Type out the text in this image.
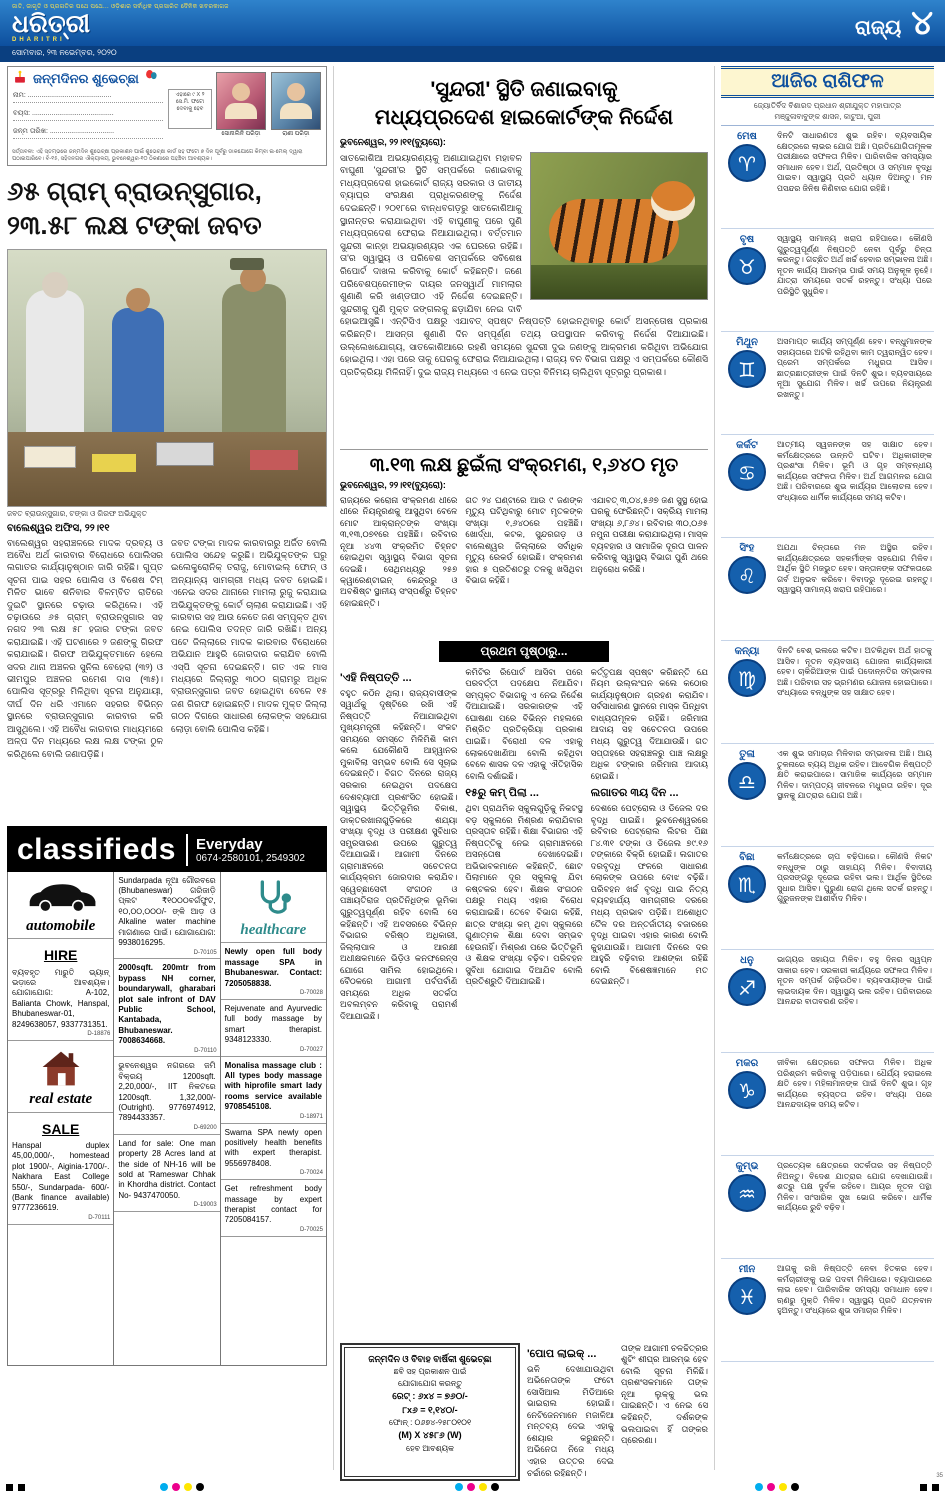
ଜାତି, ଜାଗୃତି ଓ ପ୍ରଗତିର ପଥେ ପଥେ... ଓଡ଼ିଶାର ସର୍ବାଧିକ ପ୍ରସାରିତ ଦୈନିକ ଖବରକାଗଜ
ଧରିତ୍ରୀ
DHARITRI
ରାଜ୍ୟ ୪
ସୋମବାର, ୨୩ ନଭେମ୍ବର, ୨୦୨୦
ଜନ୍ମଦିନର ଶୁଭେଚ୍ଛା
ନାମ: ...........................................
ବୟସ: ..........................................
ଜନ୍ମ ତାରିଖ: .................................
ଏହାରେ ୯ X ୨ ସେ.ମି. ଫଟୋ ଦେବାକୁ ହେବ
ସୋନାଲିନି ପରିଡ଼ା	ରାଣୀ ପରିଡ଼ା
ସର୍ତ୍ତାବଳୀ: ଏହି ସ୍ତମ୍ଭରେ ଜନ୍ମଦିନ ଶୁଭେଚ୍ଛା ପ୍ରକାଶନ ପାଇଁ ଶୁଭେଚ୍ଛା କାର୍ଡ ସହ ଫଟୋ ୭ ଦିନ ପୂର୍ବରୁ ଡାକଯୋଗେ କିମ୍ବା ଇ-ମେଲ୍ ଦ୍ୱାରା ପଠାଇପାରିବେ। ବି-୧୫, ସହିଦନଗର ଐକ୍ୟାଳୟ, ଭୁବନେଶ୍ୱର-୧୦ ଠିକଣାରେ ପହଞ୍ଚିବା ଆବଶ୍ୟକ।
୬୫ ଗ୍ରାମ୍ ବ୍ରାଉନ୍‌ସୁଗାର,
୨୩.୫୮ ଲକ୍ଷ ଟଙ୍କା ଜବତ
ଜବତ ବ୍ରାଉନ୍‌ସୁଗାର, ଟଙ୍କା ଓ ଗିରଫ ଅଭିଯୁକ୍ତ
ବାଲେଶ୍ୱର ଅଫିସ, ୨୨।୧୧
ବାଲେଶ୍ୱର ସହରାଞ୍ଚଳରେ ମାଦକ ଦ୍ରବ୍ୟ ଓ ଅବୈଧ ଅର୍ଥ କାରବାର ବିରୋଧରେ ପୋଲିସର ଲଗାତର କାର୍ଯ୍ୟାନୁଷ୍ଠାନ ଜାରି ରହିଛି। ଗୁପ୍ତ ସୂଚନା ପାଇ ସହର ପୋଲିସ ଓ ବିଶେଷ ଟିମ୍ ମିଳିତ ଭାବେ ଶନିବାର ବିଳମ୍ବିତ ରାତିରେ ଦୁଇଟି ସ୍ଥାନରେ ଚଢ଼ାଉ କରିଥିଲେ। ଏହି ଚଢ଼ାଉରେ ୬୫ ଗ୍ରାମ୍ ବ୍ରାଉନ୍‌ସୁଗାର ସହ ନଗଦ ୨୩ ଲକ୍ଷ ୫୮ ହଜାର ଟଙ୍କା ଜବତ କରାଯାଇଛି। ଏହି ଘଟଣାରେ ୨ ଜଣଙ୍କୁ ଗିରଫ କରାଯାଇଛି। ଗିରଫ ଅଭିଯୁକ୍ତମାନେ ହେଲେ ସଦର ଥାନା ଅଞ୍ଚଳର ସୁନିଲ ବେହେରା (୩୨) ଓ ଭୀମପୁର ଅଞ୍ଚଳର ରମେଶ ଦାସ (୩୫)। ପୋଲିସ ସୂତ୍ରରୁ ମିଳିଥିବା ସୂଚନା ଅନୁଯାୟୀ, ଦୀର୍ଘ ଦିନ ଧରି ଏମାନେ ସହରର ବିଭିନ୍ନ ସ୍ଥାନରେ ବ୍ରାଉନ୍‌ସୁଗାର କାରବାର କରି ଆସୁଥିଲେ। ଏହି ଅବୈଧ କାରବାର ମାଧ୍ୟମରେ ଅଳ୍ପ ଦିନ ମଧ୍ୟରେ ଲକ୍ଷ ଲକ୍ଷ ଟଙ୍କା ଠୁଳ କରିଥିଲେ ବୋଲି ଜଣାପଡ଼ିଛି।
ଜବତ ଟଙ୍କା ମାଦକ କାରବାରରୁ ଅର୍ଜିତ ବୋଲି ପୋଲିସ ସନ୍ଦେହ କରୁଛି। ଅଭିଯୁକ୍ତଙ୍କ ଘରୁ ଇଲେକ୍ଟ୍ରୋନିକ୍ ତରାଜୁ, ମୋବାଇଲ୍ ଫୋନ୍ ଓ ଅନ୍ୟାନ୍ୟ ସାମଗ୍ରୀ ମଧ୍ୟ ଜବତ ହୋଇଛି। ଏନେଇ ସଦର ଥାନାରେ ମାମଲା ରୁଜୁ କରାଯାଇ ଅଭିଯୁକ୍ତଙ୍କୁ କୋର୍ଟ ଚାଲାଣ କରାଯାଇଛି। ଏହି କାରବାର ସହ ଆଉ କେତେ ଜଣ ସମ୍ପୃକ୍ତ ଥିବା ନେଇ ପୋଲିସ ତଦନ୍ତ ଜାରି ରଖିଛି। ଅନ୍ୟ ପଟେ ଜିଲ୍ଲାରେ ମାଦକ କାରବାର ବିରୋଧରେ ଅଭିଯାନ ଆହୁରି ଜୋରଦାର କରାଯିବ ବୋଲି ଏସ୍‌ପି ସୂଚନା ଦେଇଛନ୍ତି। ଗତ ଏକ ମାସ ମଧ୍ୟରେ ଜିଲ୍ଲାରୁ ୩୦୦ ଗ୍ରାମରୁ ଅଧିକ ବ୍ରାଉନ୍‌ସୁଗାର ଜବତ ହୋଇଥିବା ବେଳେ ୧୫ ଜଣ ଗିରଫ ହୋଇଛନ୍ତି। ମାଦକ ମୁକ୍ତ ଜିଲ୍ଲା ଗଠନ ଦିଗରେ ସାଧାରଣ ଲୋକଙ୍କ ସହଯୋଗ ଲୋଡ଼ା ବୋଲି ପୋଲିସ କହିଛି।
classifieds	Everyday
0674-2580101, 2549302
automobile
HIRE
ବ୍ୟବହୃତ ମାରୁତି ଭ୍ୟାନ୍ ଭଡ଼ାରେ ଆବଶ୍ୟକ। ଯୋଗାଯୋଗ: A-102, Balianta Chowk, Hanspal, Bhubaneswar-01, 8249638057, 9337731351.
D-18876
real estate
SALE
Hanspal duplex 45,00,000/-, homestead plot 1900/-, Aiginia-1700/-. Nakhara East College 550/-, Sundarpada- 600/- (Bank finance available) 9777236619.
D-70111
Sundarpada ନୂଆ ଗୌରବରେ (Bhubaneswar) ଗରିଜାଡ଼ି ପ୍ଲଟ ₹୧୦୦୦ବର୍ଗଫୁଟ, ୧୦,୦୦,୦୦୦/- ଙ୍କି ଆଡ଼ ଓ Alkaline water machine ମାଗଣାରେ ପାଇଁ। ଯୋଗାଯୋଗ: 9938016295.
D-70105
2000sqft. 200mtr from bypass NH corner, boundarywall, gharabari plot sale infront of DAV Public School, Kantabada, Bhubaneswar. 7008634668.
D-70110
ଭୁବନେଶ୍ୱର ନଗରରେ ଜମି ବିକ୍ରୟ 1200sqft. 2,20,000/-, IIT ନିକଟରେ 1200sqft. 1,32,000/- (Outright). 9776974912, 7894433357.
D-69200
Land for sale: One man property 28 Acres land at the side of NH-16 will be sold at 'Rameswar Chhak in Khordha district. Contact No- 9437470050.
D-19003
healthcare
Newly open full body massage SPA in Bhubaneswar. Contact: 7205058838.
D-70028
Rejuvenate and Ayurvedic full body massage by smart therapist. 9348123330.
D-70027
Monalisa massage club : All types body massage with hiprofile smart lady rooms service available 9708545108.
D-18971
Swarna SPA newly open positively health benefits with expert therapist. 9556978408.
D-70024
Get refreshment body massage by expert therapist contact for 7205084157.
D-70025
'ସୁନ୍ଦରୀ' ସ୍ଥିତି ଜଣାଇବାକୁ
ମଧ୍ୟପ୍ରଦେଶ ହାଇକୋର୍ଟଙ୍କ ନିର୍ଦ୍ଦେଶ
ଭୁବନେଶ୍ୱର, ୨୨।୧୧(ବ୍ୟୁରୋ):
ସାତକୋଶିଆ ଅଭୟାରଣ୍ୟକୁ ଅଣାଯାଇଥିବା ମହାବଳ ବାଘୁଣୀ 'ସୁନ୍ଦରୀ'ର ସ୍ଥିତି ସମ୍ପର୍କରେ ଜଣାଇବାକୁ ମଧ୍ୟପ୍ରଦେଶ ହାଇକୋର୍ଟ ରାଜ୍ୟ ସରକାର ଓ ଜାତୀୟ ବ୍ୟାଘ୍ର ସଂରକ୍ଷଣ ପ୍ରାଧିକରଣଙ୍କୁ ନିର୍ଦ୍ଦେଶ ଦେଇଛନ୍ତି। ୨୦୧୮ରେ ବାନ୍ଧବଗଡ଼ରୁ ସାତକୋଶିଆକୁ ସ୍ଥାନାନ୍ତର କରାଯାଇଥିବା ଏହି ବାଘୁଣୀକୁ ପରେ ପୁଣି ମଧ୍ୟପ୍ରଦେଶ ଫେରାଇ ନିଆଯାଇଥିଲା। ବର୍ତ୍ତମାନ ସୁନ୍ଦରୀ କାନ୍ହା ଅଭୟାରଣ୍ୟର ଏକ ଘେରରେ ରହିଛି। ତା'ର ସ୍ୱାସ୍ଥ୍ୟ ଓ ପରିବେଶ ସମ୍ପର୍କରେ ସବିଶେଷ ରିପୋର୍ଟ ଦାଖଲ କରିବାକୁ କୋର୍ଟ କହିଛନ୍ତି। ଜଣେ ପରିବେଶପ୍ରେମୀଙ୍କ ଦାୟର ଜନସ୍ୱାର୍ଥ ମାମଲାର ଶୁଣାଣି କରି ଖଣ୍ଡପୀଠ ଏହି ନିର୍ଦ୍ଦେଶ ଦେଇଛନ୍ତି। ସୁନ୍ଦରୀକୁ ପୁଣି ମୁକ୍ତ ଜଙ୍ଗଲକୁ ଛଡ଼ାଯିବା ନେଇ ଦାବି ହୋଇଆସୁଛି। ଏନ୍‌ଟିସିଏ ପକ୍ଷରୁ ଏଯାବତ୍ ସ୍ପଷ୍ଟ ନିଷ୍ପତ୍ତି ହୋଇନଥିବାରୁ କୋର୍ଟ ଅସନ୍ତୋଷ ପ୍ରକାଶ କରିଛନ୍ତି। ଆସନ୍ତା ଶୁଣାଣି ଦିନ ସମ୍ପୂର୍ଣ୍ଣ ତଥ୍ୟ ଉପସ୍ଥାପନ କରିବାକୁ ନିର୍ଦ୍ଦେଶ ଦିଆଯାଇଛି। ଉଲ୍ଲେଖଯୋଗ୍ୟ, ସାତକୋଶିଆରେ ରହଣି ସମୟରେ ସୁନ୍ଦରୀ ଦୁଇ ଜଣଙ୍କୁ ଆକ୍ରମଣ କରିଥିବା ଅଭିଯୋଗ ହୋଇଥିଲା। ଏହା ପରେ ତାକୁ ଘେରକୁ ଫେରାଇ ନିଆଯାଇଥିଲା। ରାଜ୍ୟ ବନ ବିଭାଗ ପକ୍ଷରୁ ଏ ସମ୍ପର୍କରେ କୌଣସି ପ୍ରତିକ୍ରିୟା ମିଳିନାହିଁ। ଦୁଇ ରାଜ୍ୟ ମଧ୍ୟରେ ଏ ନେଇ ପତ୍ର ବିନିମୟ ଚାଲିଥିବା ସୂତ୍ରରୁ ପ୍ରକାଶ।
୩.୧୩ ଲକ୍ଷ ଛୁଇଁଲା ସଂକ୍ରମଣ, ୧,୬୪୦ ମୃତ
ଭୁବନେଶ୍ୱର, ୨୨।୧୧(ବ୍ୟୁରୋ):
ରାଜ୍ୟରେ କରୋନା ସଂକ୍ରମଣ ଧୀରେ ଧୀରେ ନିୟନ୍ତ୍ରଣକୁ ଆସୁଥିବା ବେଳେ ମୋଟ ଆକ୍ରାନ୍ତଙ୍କ ସଂଖ୍ୟା ୩,୧୩,୦୭୧ରେ ପହଞ୍ଚିଛି। ରବିବାର ନୂଆ ୪୪୩ ସଂକ୍ରମିତ ଚିହ୍ନଟ ହୋଇଥିବା ସ୍ୱାସ୍ଥ୍ୟ ବିଭାଗ ସୂଚନା ଦେଇଛି। ସେଥିମଧ୍ୟରୁ ୨୫୭ କ୍ୱାରେଣ୍ଟାଇନ୍ କେନ୍ଦ୍ରରୁ ଓ ଅବଶିଷ୍ଟ ସ୍ଥାନୀୟ ସଂସ୍ପର୍ଶରୁ ଚିହ୍ନଟ ହୋଇଛନ୍ତି।
ଗତ ୨୪ ଘଣ୍ଟାରେ ଆଉ ୯ ଜଣଙ୍କ ମୃତ୍ୟୁ ଘଟିଥିବାରୁ ମୋଟ ମୃତକଙ୍କ ସଂଖ୍ୟା ୧,୬୪୦ରେ ପହଞ୍ଚିଛି। ଖୋର୍ଦ୍ଧା, କଟକ, ସୁନ୍ଦରଗଡ଼ ଓ ବାଲେଶ୍ୱର ଜିଲ୍ଲାରେ ସର୍ବାଧିକ ମୃତ୍ୟୁ ରେକର୍ଡ ହୋଇଛି। ସଂକ୍ରମଣ ହାର ୫ ପ୍ରତିଶତରୁ ତଳକୁ ଖସିଥିବା ବିଭାଗ କହିଛି।
ଏଯାବତ୍ ୩,୦୪,୫୬୭ ଜଣ ସୁସ୍ଥ ହୋଇ ଘରକୁ ଫେରିଛନ୍ତି। ସକ୍ରିୟ ମାମଲା ସଂଖ୍ୟା ୬,୮୬୪। ରବିବାର ୩୦,୦୬୫ ନମୁନା ପରୀକ୍ଷା କରାଯାଇଥିଲା। ମାସ୍କ ବ୍ୟବହାର ଓ ସାମାଜିକ ଦୂରତା ପାଳନ କରିବାକୁ ସ୍ୱାସ୍ଥ୍ୟ ବିଭାଗ ପୁଣି ଥରେ ଅନୁରୋଧ କରିଛି।
ପ୍ରଥମ ପୃଷ୍ଠାରୁ...
'ଏହି ନିଷ୍ପତ୍ତି ...
ବହୁତ କଠିନ ଥିଲା। ରାଜ୍ୟବାସୀଙ୍କ ସ୍ୱାର୍ଥକୁ ଦୃଷ୍ଟିରେ ରଖି ଏହି ନିଷ୍ପତ୍ତି ନିଆଯାଇଥିବା ମୁଖ୍ୟମନ୍ତ୍ରୀ କହିଛନ୍ତି। ସଂକଟ ସମୟରେ ସମସ୍ତେ ମିଳିମିଶି କାମ କଲେ ଯେକୌଣସି ଆହ୍ୱାନର ମୁକାବିଲା ସମ୍ଭବ ବୋଲି ସେ ସୂଚାଇ ଦେଇଛନ୍ତି। ବିଗତ ଦିନରେ ରାଜ୍ୟ ସରକାର ନେଇଥିବା ପଦକ୍ଷେପ ଦେଶବ୍ୟାପୀ ପ୍ରଶଂସିତ ହୋଇଛି। ସ୍ୱାସ୍ଥ୍ୟ ଭିତ୍ତିଭୂମିର ବିକାଶ, ଡାକ୍ତରଖାନାଗୁଡ଼ିକରେ ଶଯ୍ୟା ସଂଖ୍ୟା ବୃଦ୍ଧି ଓ ପରୀକ୍ଷଣ ସୁବିଧାର ସମ୍ପ୍ରସାରଣ ଉପରେ ଗୁରୁତ୍ୱ ଦିଆଯାଇଛି। ଆଗାମୀ ଦିନରେ ଗ୍ରାମାଞ୍ଚଳରେ ସଚେତନତା କାର୍ଯ୍ୟକ୍ରମ ଜୋରଦାର କରାଯିବ। ସ୍ୱେଚ୍ଛାସେବୀ ସଂଗଠନ ଓ ପଞ୍ଚାୟତିରାଜ ପ୍ରତିନିଧିଙ୍କ ଭୂମିକା ଗୁରୁତ୍ୱପୂର୍ଣ୍ଣ ରହିବ ବୋଲି ସେ କହିଛନ୍ତି। ଏହି ଅବସରରେ ବିଭିନ୍ନ ବିଭାଗର ବରିଷ୍ଠ ଅଧିକାରୀ, ଜିଲ୍ଲାପାଳ ଓ ଆରକ୍ଷୀ ଅଧୀକ୍ଷକମାନେ ଭିଡ଼ିଓ କନଫରେନ୍ସ ଯୋଗେ ସାମିଲ ହୋଇଥିଲେ। ବୈଠକରେ ଆଗାମୀ ପର୍ବପର୍ବାଣି ସମୟରେ ଅଧିକ ସତର୍କତା ଅବଲମ୍ବନ କରିବାକୁ ପରାମର୍ଶ ଦିଆଯାଇଛି।
କମିଟିର ରିପୋର୍ଟ ଆସିବା ପରେ ପରବର୍ତ୍ତୀ ପଦକ୍ଷେପ ନିଆଯିବ। ସମ୍ପୃକ୍ତ ବିଭାଗକୁ ଏ ନେଇ ନିର୍ଦ୍ଦେଶ ଦିଆଯାଇଛି। ସରକାରଙ୍କ ଏହି ଘୋଷଣା ପରେ ବିଭିନ୍ନ ମହଲରେ ମିଶ୍ରିତ ପ୍ରତିକ୍ରିୟା ପ୍ରକାଶ ପାଇଛି। ବିରୋଧୀ ଦଳ ଏହାକୁ ଲୋକଦେଖାଣିଆ ବୋଲି କହିଥିବା ବେଳେ ଶାସକ ଦଳ ଏହାକୁ ଐତିହାସିକ ବୋଲି ଦର୍ଶାଇଛି।
୧୫ରୁ କମ୍ ପିଲା ...
ଥିବା ପ୍ରାଥମିକ ସ୍କୁଲଗୁଡ଼ିକୁ ନିକଟସ୍ଥ ବଡ଼ ସ୍କୁଲରେ ମିଶ୍ରଣ କରାଯିବାର ପ୍ରସ୍ତାବ ରହିଛି। ଶିକ୍ଷା ବିଭାଗର ଏହି ନିଷ୍ପତ୍ତିକୁ ନେଇ ଗ୍ରାମାଞ୍ଚଳରେ ଅସନ୍ତୋଷ ଦେଖାଦେଇଛି। ଅଭିଭାବକମାନେ କହିଛନ୍ତି, ଛୋଟ ପିଲାମାନେ ଦୂର ସ୍କୁଲକୁ ଯିବା କଷ୍ଟକର ହେବ। ଶିକ୍ଷକ ସଂଗଠନ ପକ୍ଷରୁ ମଧ୍ୟ ଏହାର ବିରୋଧ କରାଯାଇଛି। ତେବେ ବିଭାଗ କହିଛି, ଛାତ୍ର ସଂଖ୍ୟା କମ୍ ଥିବା ସ୍କୁଲରେ ଗୁଣାତ୍ମକ ଶିକ୍ଷା ଦେବା ସମ୍ଭବ ହେଉନାହିଁ। ମିଶ୍ରଣ ପରେ ଭିତ୍ତିଭୂମି ଓ ଶିକ୍ଷକ ସଂଖ୍ୟା ବଢ଼ିବ। ପରିବହନ ସୁବିଧା ଯୋଗାଇ ଦିଆଯିବ ବୋଲି ପ୍ରତିଶ୍ରୁତି ଦିଆଯାଇଛି।
କର୍ତ୍ତୃପକ୍ଷ ସ୍ପଷ୍ଟ କରିଛନ୍ତି ଯେ ନିୟମ ଉଲ୍ଲଂଘନ କଲେ କଠୋର କାର୍ଯ୍ୟାନୁଷ୍ଠାନ ଗ୍ରହଣ କରାଯିବ। ସର୍ବସାଧାରଣ ସ୍ଥାନରେ ମାସ୍କ ପିନ୍ଧିବା ବାଧ୍ୟତାମୂଳକ ରହିଛି। ଜରିମାନା ଆଦାୟ ସହ ସଚେତନତା ଉପରେ ମଧ୍ୟ ଗୁରୁତ୍ୱ ଦିଆଯାଉଛି। ଗତ ସପ୍ତାହରେ ସହରାଞ୍ଚଳରୁ ପାଞ୍ଚ ଲକ୍ଷରୁ ଅଧିକ ଟଙ୍କାର ଜରିମାନା ଆଦାୟ ହୋଇଛି।
ଲଗାତର ୩ୟ ଦିନ ...
ଦେଶରେ ପେଟ୍ରୋଲ ଓ ଡିଜେଲ ଦର ବୃଦ୍ଧି ପାଇଛି। ଭୁବନେଶ୍ୱରରେ ରବିବାର ପେଟ୍ରୋଲ ଲିଟର ପିଛା ୮୪.୩୧ ଟଙ୍କା ଓ ଡିଜେଲ ୭୯.୧୬ ଟଙ୍କାରେ ବିକ୍ରି ହୋଇଛି। ଲଗାତର ଦରବୃଦ୍ଧି ଫଳରେ ସାଧାରଣ ଲୋକଙ୍କ ଉପରେ ବୋଝ ବଢ଼ିଛି। ପରିବହନ ଖର୍ଚ୍ଚ ବୃଦ୍ଧି ପାଇ ନିତ୍ୟ ବ୍ୟବହାର୍ଯ୍ୟ ସାମଗ୍ରୀର ଦରରେ ମଧ୍ୟ ପ୍ରଭାବ ପଡ଼ିଛି। ଅଶୋଧିତ ତୈଳ ଦର ଅନ୍ତର୍ଜାତୀୟ ବଜାରରେ ବୃଦ୍ଧି ପାଇବା ଏହାର କାରଣ ବୋଲି କୁହାଯାଉଛି। ଆଗାମୀ ଦିନରେ ଦର ଆହୁରି ବଢ଼ିବାର ଆଶଙ୍କା ରହିଛି ବୋଲି ବିଶେଷଜ୍ଞମାନେ ମତ ଦେଇଛନ୍ତି।
ଜନ୍ମଦିନ ଓ ବିବାହ ବାର୍ଷିକୀ ଶୁଭେଚ୍ଛା
ଛବି ସହ ପ୍ରକାଶନ ପାଇଁ
ଯୋଗାଯୋଗ କରନ୍ତୁ
ରେଟ୍ : ୬x୪ = ୭୬୦/-
୮x୬ = ୧,୧୪୦/-
ଫୋନ୍ : ୦୬୭୪-୨୫୮୦୧୦୧
(M) X ୪୫୮୬ (W)
ହେବ ଆବଶ୍ୟକ
'ପୋପ ଲାଇକ୍ ...
ଭଳି ଦେଖାଯାଉଥିବା ଅଭିନେତାଙ୍କ ଫଟୋ ସୋସିଆଲ ମିଡିଆରେ ଭାଇରାଲ ହୋଇଛି। ନେଟିଜେନମାନେ ମଜାଳିଆ ମନ୍ତବ୍ୟ ଦେଇ ଏହାକୁ ଶେୟାର କରୁଛନ୍ତି। ଅଭିନେତା ନିଜେ ମଧ୍ୟ ଏହାର ଉତ୍ତର ଦେଇ ଚର୍ଚ୍ଚାରେ ରହିଛନ୍ତି।
ତାଙ୍କ ଆଗାମୀ ଚଳଚ୍ଚିତ୍ରର ଶୁଟିଂ ଶୀଘ୍ର ଆରମ୍ଭ ହେବ ବୋଲି ସୂଚନା ମିଳିଛି। ପ୍ରଶଂସକମାନେ ତାଙ୍କ ନୂଆ ଲୁକ୍‌କୁ ଭଲ ପାଇଛନ୍ତି। ଏ ନେଇ ସେ କହିଛନ୍ତି, ଦର୍ଶକଙ୍କ ଭଲପାଇବା ହିଁ ତାଙ୍କର ପ୍ରେରଣା।
ଆଜିର ରାଶିଫଳ
ଜ୍ୟୋତିର୍ବିଦ ବିଶାରଦ ପ୍ରଧାନ ଶ୍ରୀଯୁକ୍ତ ମହାପାତ୍ର
ମଞ୍ଜୁଳାବାବୁଙ୍କ ଶାସନ, କାଟୁଆ, ପୁରୀ
ମେଷ
♈
ଦିନଟି ସାଧାରଣତଃ ଶୁଭ ରହିବ। ବ୍ୟବସାୟିକ କ୍ଷେତ୍ରରେ ଲାଭର ଯୋଗ ଅଛି। ପ୍ରତିଯୋଗିତାମୂଳକ ପରୀକ୍ଷାରେ ସଫଳତା ମିଳିବ। ପାରିବାରିକ ସମସ୍ୟାର ସମାଧାନ ହେବ। ଅର୍ଥ, ପ୍ରତିଷ୍ଠା ଓ ସମ୍ମାନ ବୃଦ୍ଧି ପାଇବ। ସ୍ୱାସ୍ଥ୍ୟ ପ୍ରତି ଧ୍ୟାନ ଦିଅନ୍ତୁ। ମନ ପସନ୍ଦର ଜିନିଷ କିଣିବାର ଯୋଗ ରହିଛି।
ବୃଷ
♉
ସ୍ୱାସ୍ଥ୍ୟ ସାମାନ୍ୟ ଖରାପ ରହିପାରେ। କୌଣସି ଗୁରୁତ୍ୱପୂର୍ଣ୍ଣ ନିଷ୍ପତ୍ତି ନେବା ପୂର୍ବରୁ ଚିନ୍ତା କରନ୍ତୁ। ଗଚ୍ଛିତ ଅର୍ଥ ଖର୍ଚ୍ଚ ହେବାର ସମ୍ଭାବନା ଅଛି। ନୂତନ କାର୍ଯ୍ୟ ଆରମ୍ଭ ପାଇଁ ସମୟ ଅନୁକୂଳ ନୁହେଁ। ଯାତ୍ରା ସମୟରେ ସତର୍କ ରହନ୍ତୁ। ସଂଧ୍ୟା ପରେ ପରିସ୍ଥିତି ସୁଧୁରିବ।
ମିଥୁନ
♊
ଅସମାପ୍ତ କାର୍ଯ୍ୟ ସମ୍ପୂର୍ଣ୍ଣ ହେବ। ବନ୍ଧୁମାନଙ୍କ ସହାୟତାରେ ଅଟକି ରହିଥିବା କାମ ତ୍ୱରାନ୍ୱିତ ହେବ। ପ୍ରେମ ସମ୍ପର୍କରେ ମଧୁରତା ଆସିବ। ଛାତ୍ରଛାତ୍ରୀଙ୍କ ପାଇଁ ଦିନଟି ଶୁଭ। ବ୍ୟବସାୟରେ ନୂଆ ସୁଯୋଗ ମିଳିବ। ଖର୍ଚ୍ଚ ଉପରେ ନିୟନ୍ତ୍ରଣ ରଖନ୍ତୁ।
କର୍କଟ
♋
ଆତ୍ମୀୟ ସ୍ୱଜନଙ୍କ ସହ ସାକ୍ଷାତ ହେବ। କର୍ମକ୍ଷେତ୍ରରେ ଉନ୍ନତି ଘଟିବ। ଅଧିକାରୀଙ୍କ ପ୍ରଶଂସା ମିଳିବ। ଭୂମି ଓ ଗୃହ ସମ୍ବନ୍ଧୀୟ କାର୍ଯ୍ୟରେ ସଫଳତା ମିଳିବ। ଅର୍ଥ ଆଗମନର ଯୋଗ ଅଛି। ପରିବାରରେ ଶୁଭ କାର୍ଯ୍ୟର ଆଲୋଚନା ହେବ। ସଂଧ୍ୟାରେ ଧାର୍ମିକ କାର୍ଯ୍ୟରେ ସମୟ କଟିବ।
ସିଂହ
♌
ଅଯଥା ଚିନ୍ତାରେ ମନ ଅସ୍ଥିର ରହିବ। କାର୍ଯ୍ୟକ୍ଷେତ୍ରରେ ସହକର୍ମୀଙ୍କ ସହଯୋଗ ମିଳିବ। ଆର୍ଥିକ ସ୍ଥିତି ମଜଭୁତ ହେବ। ସନ୍ତାନଙ୍କ ସଫଳତାରେ ଗର୍ବ ଅନୁଭବ କରିବେ। ବିବାଦରୁ ଦୂରେଇ ରହନ୍ତୁ। ସ୍ୱାସ୍ଥ୍ୟ ସାମାନ୍ୟ ଖରାପ ରହିପାରେ।
କନ୍ୟା
♍
ଦିନଟି ବେଶ୍ ଭଲରେ କଟିବ। ଅଟକିଥିବା ଅର୍ଥ ହାତକୁ ଆସିବ। ନୂତନ ବ୍ୟବସାୟ ଯୋଜନା କାର୍ଯ୍ୟକାରୀ ହେବ। ଚାକିରିଆଙ୍କ ପାଇଁ ପଦୋନ୍ନତିର ସମ୍ଭାବନା ଅଛି। ପରିବାର ସହ ଭ୍ରମଣର ଯୋଜନା ହୋଇପାରେ। ସଂଧ୍ୟାରେ ବନ୍ଧୁଙ୍କ ସହ ସାକ୍ଷାତ ହେବ।
ତୁଳା
♎
ଏକ ଶୁଭ ସମାଚାର ମିଳିବାର ସମ୍ଭାବନା ଅଛି। ଆୟ ତୁଳନାରେ ବ୍ୟୟ ଅଧିକ ରହିବ। ଆବେଗିକ ନିଷ୍ପତ୍ତି କ୍ଷତି କରାଇପାରେ। ସାମାଜିକ କାର୍ଯ୍ୟରେ ସମ୍ମାନ ମିଳିବ। ଦାମ୍ପତ୍ୟ ଜୀବନରେ ମଧୁରତା ରହିବ। ଦୂର ସ୍ଥାନକୁ ଯାତ୍ରାର ଯୋଗ ଅଛି।
ବିଛା
♏
କର୍ମକ୍ଷେତ୍ରରେ ଚାପ ବଢ଼ିପାରେ। କୌଣସି ନିକଟ ବନ୍ଧୁଙ୍କ ଠାରୁ ସାହାଯ୍ୟ ମିଳିବ। ବିବାଦୀୟ ପ୍ରସଙ୍ଗରୁ ଦୂରେଇ ରହିବା ଭଲ। ଆର୍ଥିକ ସ୍ଥିତିରେ ସୁଧାର ଆସିବ। ପୁରୁଣା ରୋଗ ଥିଲେ ସତର୍କ ରହନ୍ତୁ। ଗୁରୁଜନଙ୍କ ଆଶୀର୍ବାଦ ମିଳିବ।
ଧନୁ
♐
ଭାଗ୍ୟର ସହାୟତା ମିଳିବ। ବହୁ ଦିନର ସ୍ୱପ୍ନ ସାକାର ହେବ। ସରକାରୀ କାର୍ଯ୍ୟରେ ସଫଳତା ମିଳିବ। ନୂତନ ସମ୍ପର୍କ ଗଢ଼ିଉଠିବ। ବ୍ୟବସାୟୀଙ୍କ ପାଇଁ ଲାଭଦାୟକ ଦିନ। ସ୍ୱାସ୍ଥ୍ୟ ଭଲ ରହିବ। ପରିବାରରେ ଆନନ୍ଦର ବାତାବରଣ ରହିବ।
ମକର
♑
ଜୀବିକା କ୍ଷେତ୍ରରେ ସଫଳତା ମିଳିବ। ଅଧିକ ପରିଶ୍ରମ କରିବାକୁ ପଡ଼ିପାରେ। ଧୈର୍ଯ୍ୟ ହରାଇଲେ କ୍ଷତି ହେବ। ମହିଳାମାନଙ୍କ ପାଇଁ ଦିନଟି ଶୁଭ। ଗୃହ କାର୍ଯ୍ୟରେ ବ୍ୟସ୍ତତା ରହିବ। ସଂଧ୍ୟା ପରେ ଆନନ୍ଦଦାୟକ ସମୟ କଟିବ।
କୁମ୍ଭ
♒
ପ୍ରତ୍ୟେକ କ୍ଷେତ୍ରରେ ସତର୍କତାର ସହ ନିଷ୍ପତ୍ତି ନିଅନ୍ତୁ। ବିଦେଶ ଯାତ୍ରାର ଯୋଗ ଦେଖାଯାଉଛି। ଶତ୍ରୁ ପକ୍ଷ ଦୁର୍ବଳ ରହିବେ। ଆୟର ନୂତନ ପନ୍ଥା ମିଳିବ। ସାଂସାରିକ ସୁଖ ଭୋଗ କରିବେ। ଧାର୍ମିକ କାର୍ଯ୍ୟରେ ରୁଚି ବଢ଼ିବ।
ମୀନ
♓
ଆଗକୁ ରଖି ନିଷ୍ପତ୍ତି ନେବା ହିତକର ହେବ। କର୍ମଚାରୀଙ୍କୁ ଉଚ୍ଚ ପଦବୀ ମିଳିପାରେ। ବ୍ୟାପାରରେ ଲାଭ ହେବ। ପାରିବାରିକ ସମସ୍ୟା ସମାଧାନ ହେବ। ଋଣରୁ ମୁକ୍ତି ମିଳିବ। ସ୍ୱାସ୍ଥ୍ୟ ପ୍ରତି ଯତ୍ନବାନ ହୁଅନ୍ତୁ। ସଂଧ୍ୟାରେ ଶୁଭ ସମାଚାର ମିଳିବ।
35
